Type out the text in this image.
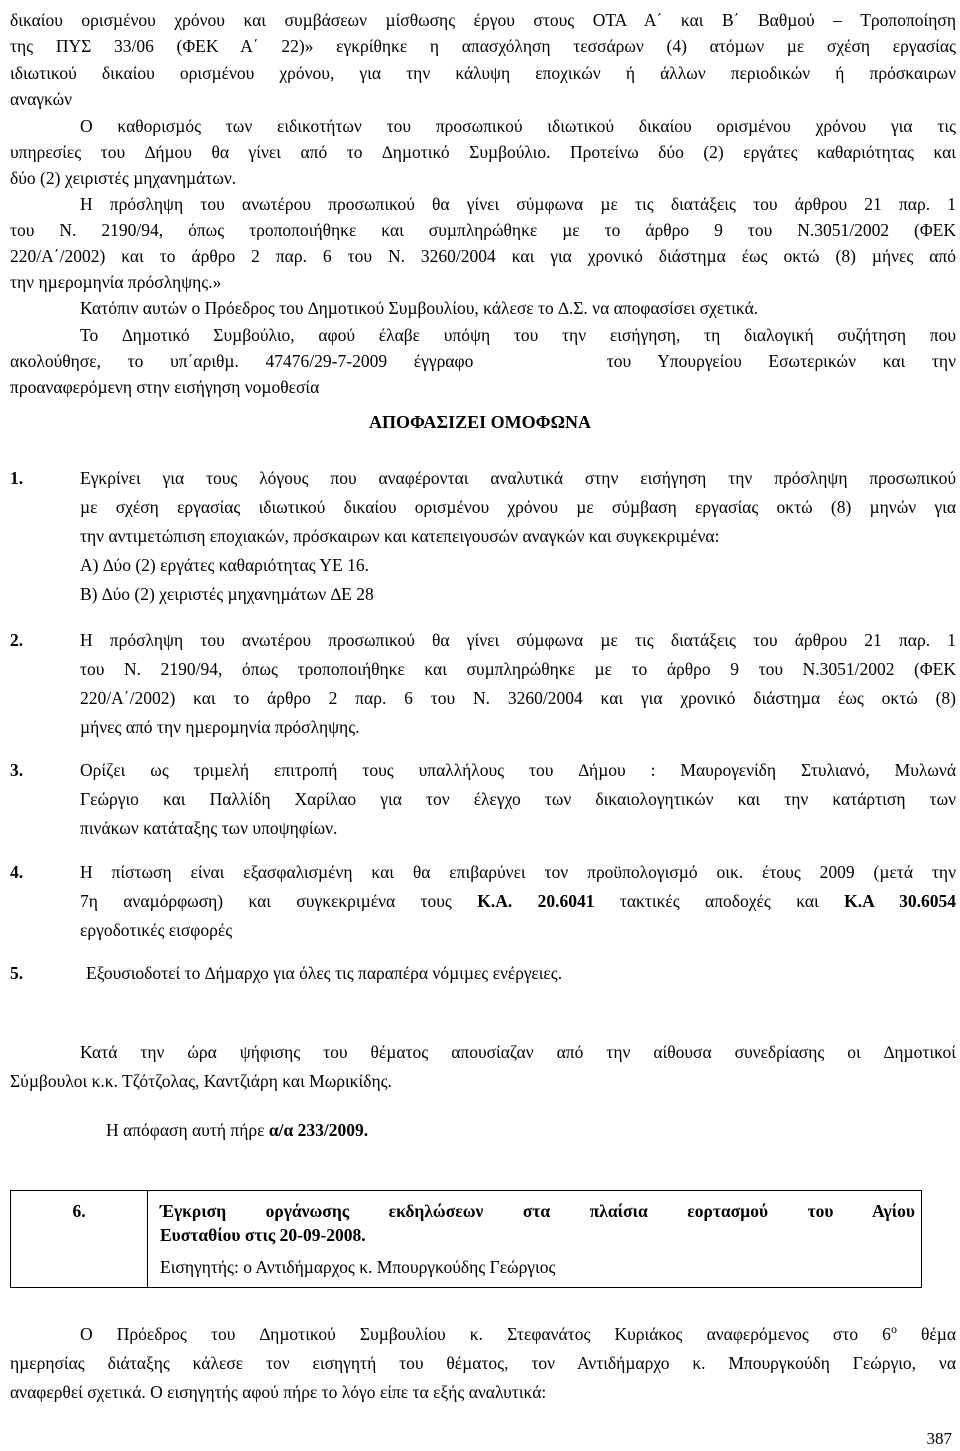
δικαίου ορισµένου χρόνου και συµβάσεων µίσθωσης έργου στους ΟΤΑ Α΄ και Β΄ Βαθµού – Τροποποίηση
της ΠΥΣ 33/06 (ΦΕΚ Α΄ 22)» εγκρίθηκε η απασχόληση τεσσάρων (4) ατόµων µε σχέση εργασίας
ιδιωτικού δικαίου ορισµένου χρόνου, για την κάλυψη εποχικών ή άλλων περιοδικών ή πρόσκαιρων
αναγκών
Ο καθορισµός των ειδικοτήτων του προσωπικού ιδιωτικού δικαίου ορισµένου χρόνου για τις
υπηρεσίες του ∆ήµου θα γίνει από το ∆ηµοτικό Συµβούλιο. Προτείνω δύο (2) εργάτες καθαριότητας και
δύο (2) χειριστές µηχανηµάτων.
Η πρόσληψη του ανωτέρου προσωπικού θα γίνει σύµφωνα µε τις διατάξεις του άρθρου 21 παρ. 1
του Ν. 2190/94, όπως τροποποιήθηκε και συµπληρώθηκε µε το άρθρο 9 του Ν.3051/2002 (ΦΕΚ
220/Α΄/2002) και το άρθρο 2 παρ. 6 του Ν. 3260/2004 και για χρονικό διάστηµα έως οκτώ (8) µήνες από
την ηµεροµηνία πρόσληψης.»
Κατόπιν αυτών ο Πρόεδρος του ∆ηµοτικού Συµβουλίου, κάλεσε το ∆.Σ. να αποφασίσει σχετικά.
Το ∆ηµοτικό Συµβούλιο, αφού έλαβε υπόψη του την εισήγηση, τη διαλογική συζήτηση που
ακολούθησε, το υπ΄αριθµ. 47476/29-7-2009 έγγραφο     του Υπουργείου Εσωτερικών και την
προαναφερόµενη στην εισήγηση νοµοθεσία
ΑΠΟΦΑΣΙΖΕΙ ΟΜΟΦΩΝΑ
1.	Εγκρίνει για τους λόγους που αναφέρονται αναλυτικά στην εισήγηση την πρόσληψη προσωπικού
µε σχέση εργασίας ιδιωτικού δικαίου ορισµένου χρόνου µε σύµβαση εργασίας οκτώ (8) µηνών για
την αντιµετώπιση εποχιακών, πρόσκαιρων και κατεπειγουσών αναγκών και συγκεκριµένα:
Α) ∆ύο (2) εργάτες καθαριότητας ΥΕ 16.
Β) ∆ύο (2) χειριστές µηχανηµάτων ∆Ε 28
2.	Η πρόσληψη του ανωτέρου προσωπικού θα γίνει σύµφωνα µε τις διατάξεις του άρθρου 21 παρ. 1
του Ν. 2190/94, όπως τροποποιήθηκε και συµπληρώθηκε µε το άρθρο 9 του Ν.3051/2002 (ΦΕΚ
220/Α΄/2002) και το άρθρο 2 παρ. 6 του Ν. 3260/2004 και για χρονικό διάστηµα έως οκτώ (8)
µήνες από την ηµεροµηνία πρόσληψης.
3.	Ορίζει ως τριµελή επιτροπή τους υπαλλήλους του ∆ήµου : Μαυρογενίδη Στυλιανό, Μυλωνά
Γεώργιο και Παλλίδη Χαρίλαο για τον έλεγχο των δικαιολογητικών και την κατάρτιση των
πινάκων κατάταξης των υποψηφίων.
4.	Η πίστωση είναι εξασφαλισµένη και θα επιβαρύνει τον προϋπολογισµό οικ. έτους 2009 (µετά την
7η αναµόρφωση) και συγκεκριµένα τους Κ.Α. 20.6041 τακτικές αποδοχές και Κ.Α 30.6054
εργοδοτικές εισφορές
5.	Εξουσιοδοτεί το ∆ήµαρχο για όλες τις παραπέρα νόµιµες ενέργειες.
Κατά την ώρα ψήφισης του θέµατος απουσίαζαν από την αίθουσα συνεδρίασης οι ∆ηµοτικοί
Σύµβουλοι κ.κ. Τζότζολας, Καντζιάρη και Μωρικίδης.
6.	Έγκριση οργάνωσης εκδηλώσεων στα πλαίσια εορτασµού του Αγίου
Ευσταθίου στις 20-09-2008.
Εισηγητής: ο Αντιδήµαρχος κ. Μπουργκούδης Γεώργιος
Ο Πρόεδρος του ∆ηµοτικού Συµβουλίου κ. Στεφανάτος Κυριάκος αναφερόµενος στο $6^o$ θέµα
ηµερησίας διάταξης κάλεσε τον εισηγητή του θέµατος, τον Αντιδήµαρχο κ. Μπουργκούδη Γεώργιο, να
αναφερθεί σχετικά. Ο εισηγητής αφού πήρε το λόγο είπε τα εξής αναλυτικά:
387
Η απόφαση αυτή πήρε α/α 233/2009.
